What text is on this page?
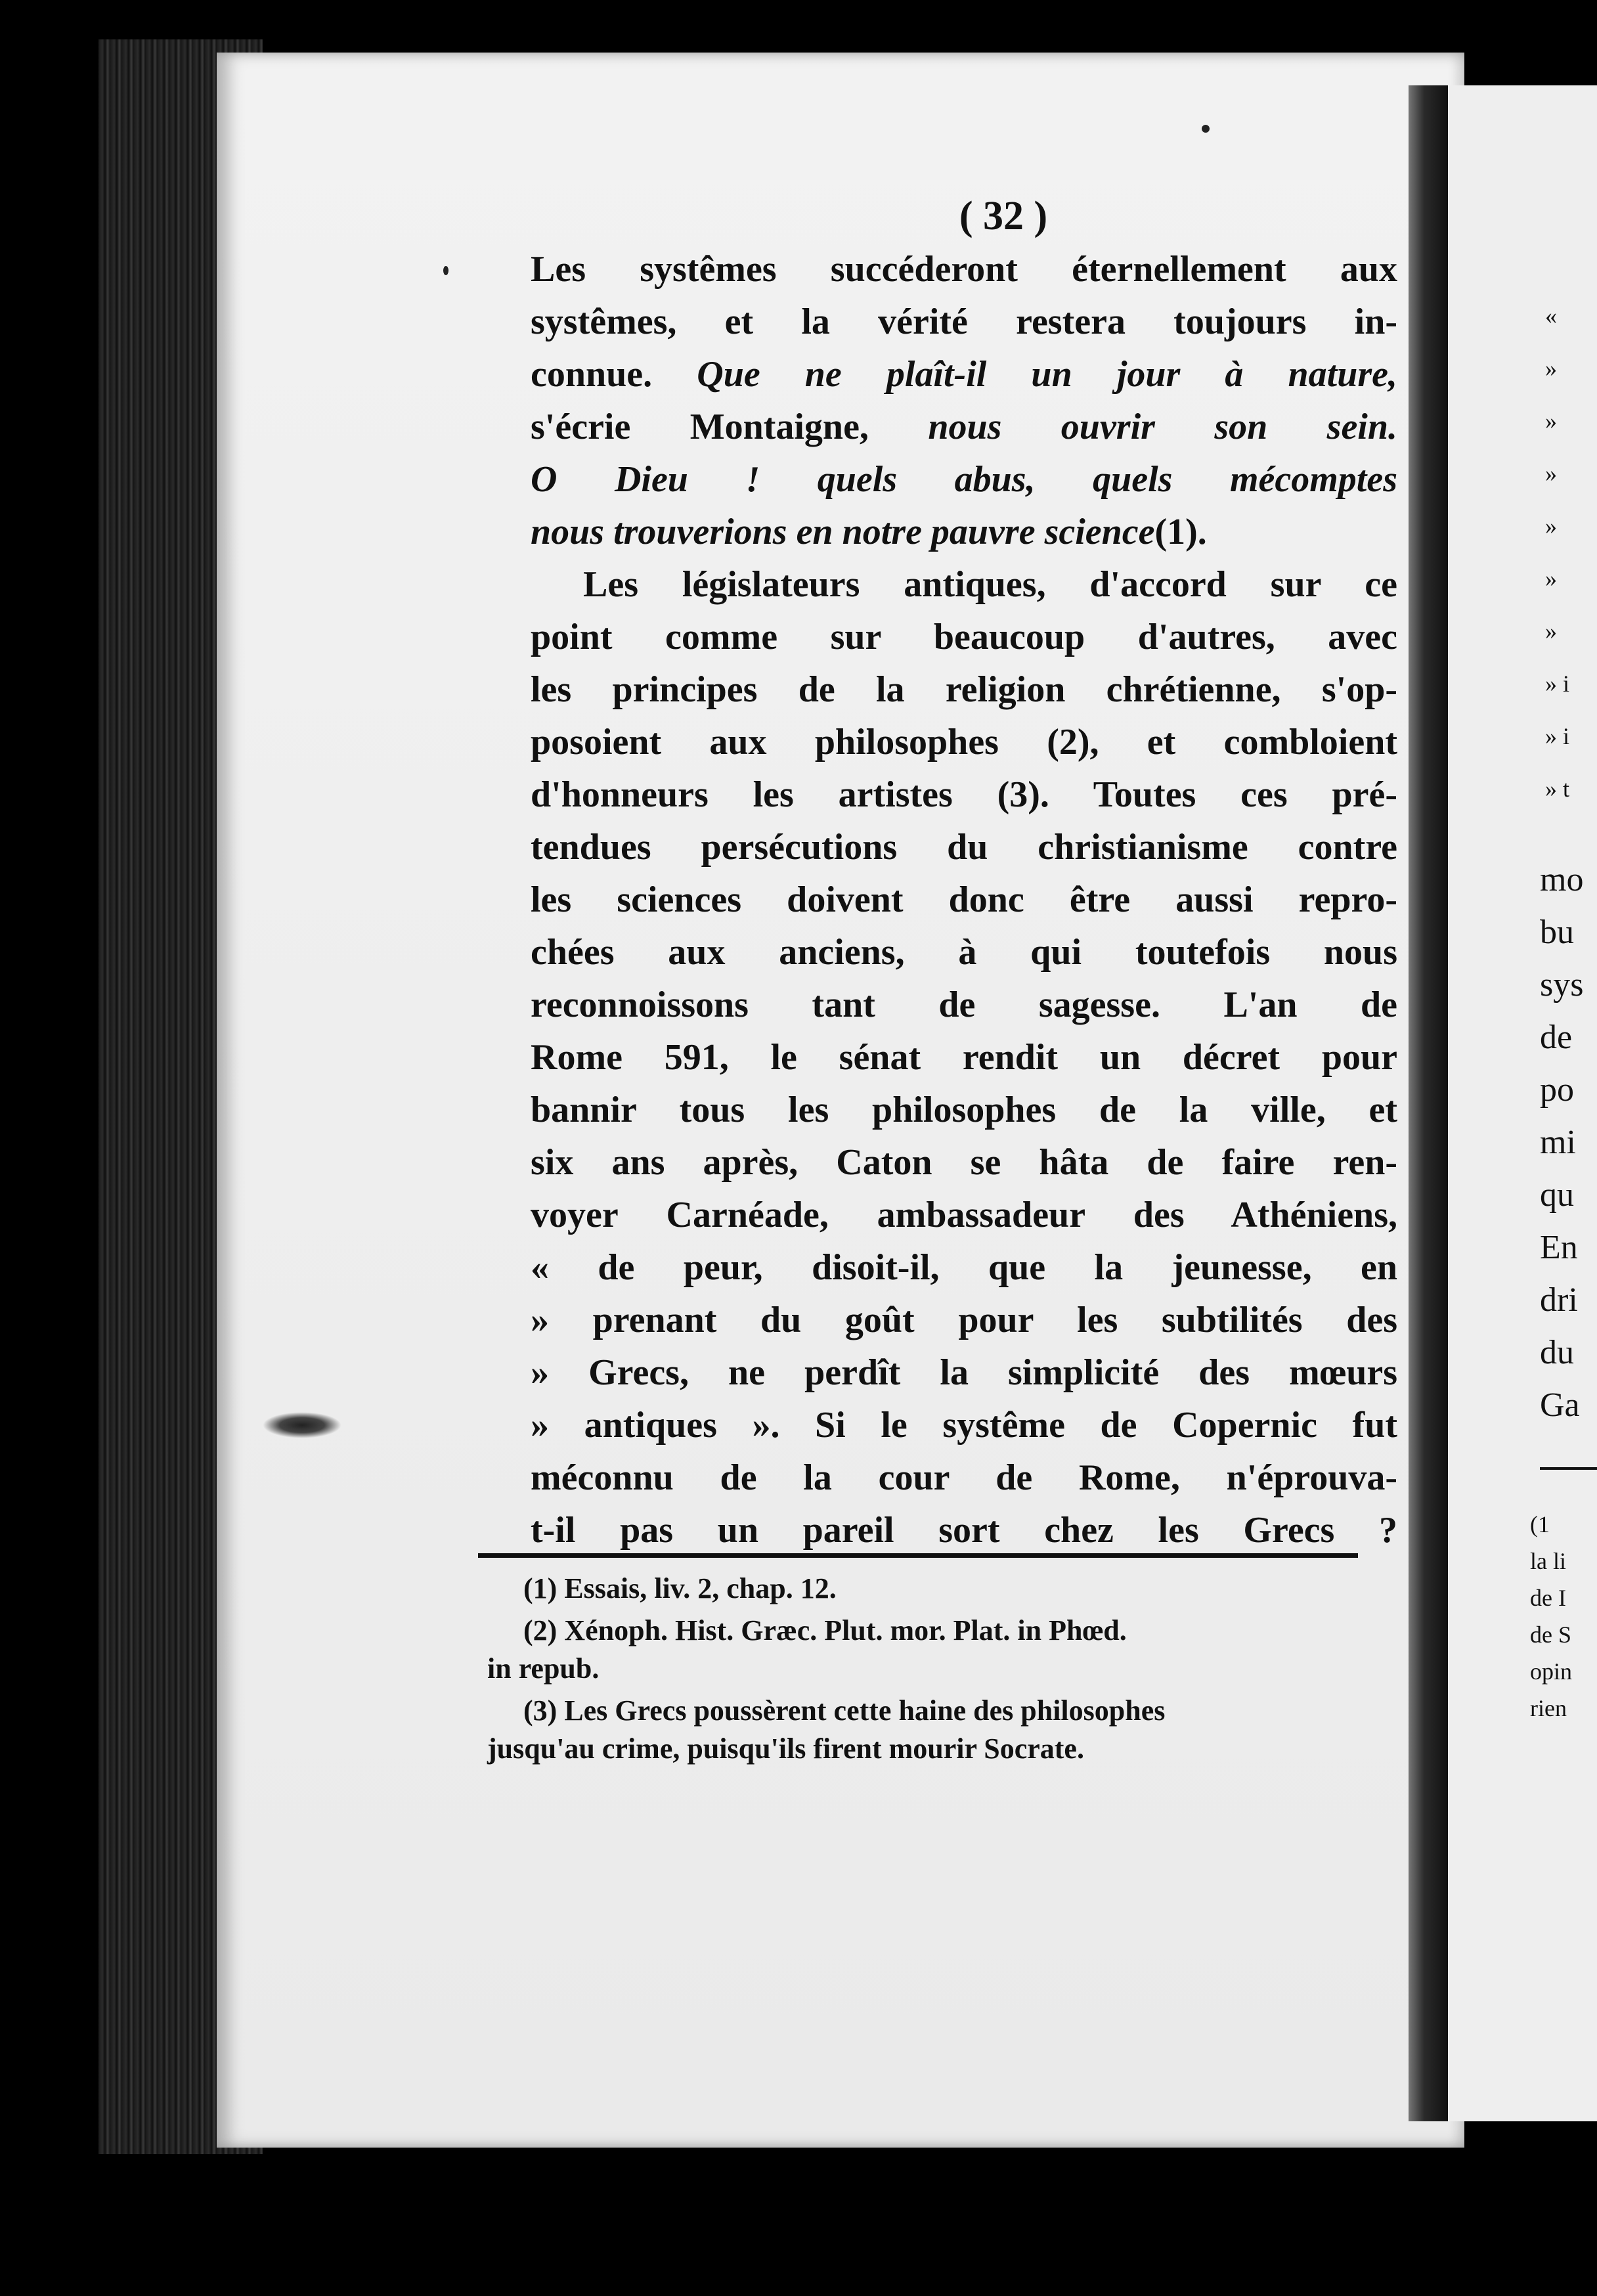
( 32 )
Les systêmes succéderont éternellement aux
systêmes, et la vérité restera toujours in-
connue. Que ne plaît-il un jour à nature,
s'écrie Montaigne, nous ouvrir son sein.
O Dieu ! quels abus, quels mécomptes
nous trouverions en notre pauvre science(1).
Les législateurs antiques, d'accord sur ce
point comme sur beaucoup d'autres, avec
les principes de la religion chrétienne, s'op-
posoient aux philosophes (2), et combloient
d'honneurs les artistes (3). Toutes ces pré-
tendues persécutions du christianisme contre
les sciences doivent donc être aussi repro-
chées aux anciens, à qui toutefois nous
reconnoissons tant de sagesse. L'an de
Rome 591, le sénat rendit un décret pour
bannir tous les philosophes de la ville, et
six ans après, Caton se hâta de faire ren-
voyer Carnéade, ambassadeur des Athéniens,
« de peur, disoit-il, que la jeunesse, en
» prenant du goût pour les subtilités des
» Grecs, ne perdît la simplicité des mœurs
» antiques ». Si le systême de Copernic fut
méconnu de la cour de Rome, n'éprouva-
t-il pas un pareil sort chez les Grecs ?
(1) Essais, liv. 2, chap. 12.
(2) Xénoph. Hist. Græc. Plut. mor. Plat. in Phœd.
in repub.
(3) Les Grecs poussèrent cette haine des philosophes
jusqu'au crime, puisqu'ils firent mourir Socrate.
«
»
»
»
»
»
»
» i
» i
» t
mo
bu
sys
de
po
mi
qu
En
dri
du
Ga
(1
la li
de I
de S
opin
rien
